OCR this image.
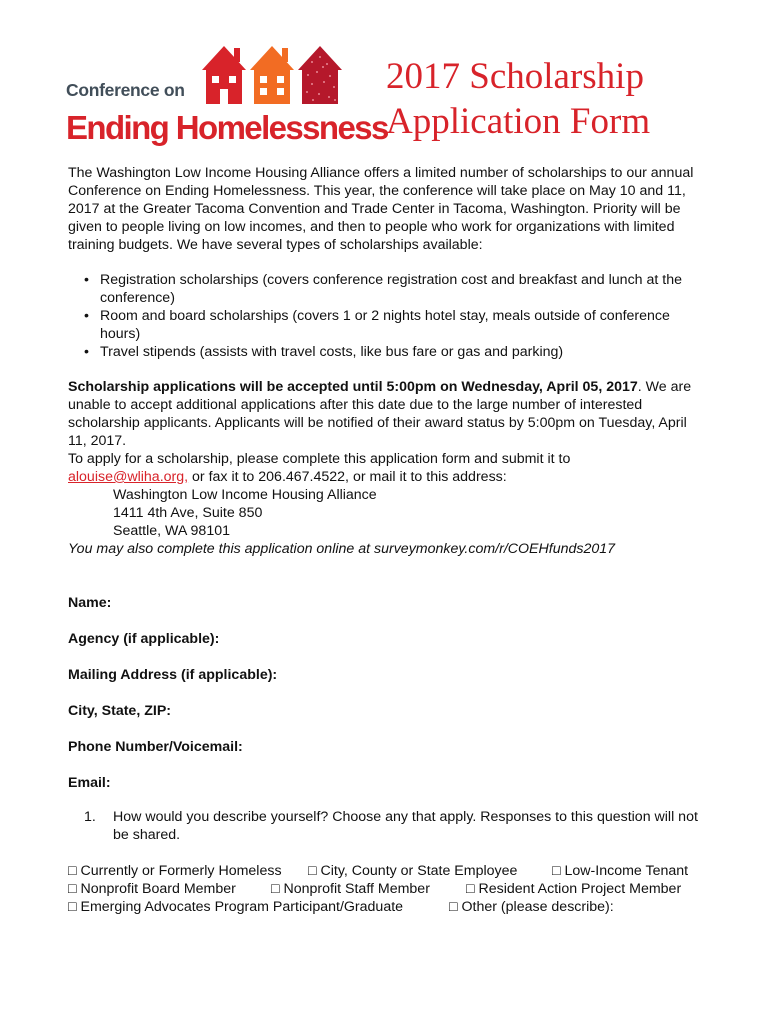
Conference on
Ending Homelessness
2017 Scholarship
Application Form

The Washington Low Income Housing Alliance offers a limited number of scholarships to our annual Conference on Ending Homelessness. This year, the conference will take place on May 10 and 11, 2017 at the Greater Tacoma Convention and Trade Center in Tacoma, Washington. Priority will be given to people living on low incomes, and then to people who work for organizations with limited training budgets. We have several types of scholarships available:

• Registration scholarships (covers conference registration cost and breakfast and lunch at the conference)
• Room and board scholarships (covers 1 or 2 nights hotel stay, meals outside of conference hours)
• Travel stipends (assists with travel costs, like bus fare or gas and parking)
Scholarship applications will be accepted until 5:00pm on Wednesday, April 05, 2017. We are unable to accept additional applications after this date due to the large number of interested scholarship applicants. Applicants will be notified of their award status by 5:00pm on Tuesday, April 11, 2017.
To apply for a scholarship, please complete this application form and submit it to
alouise@wliha.org, or fax it to 206.467.4522, or mail it to this address:
Washington Low Income Housing Alliance
1411 4th Ave, Suite 850
Seattle, WA 98101
You may also complete this application online at surveymonkey.com/r/COEHfunds2017
Name:
Agency (if applicable):
Mailing Address (if applicable):
City, State, ZIP:
Phone Number/Voicemail:
Email:
1.	How would you describe yourself? Choose any that apply. Responses to this question will not be shared.
□ Currently or Formerly Homeless □ City, County or State Employee □ Low-Income Tenant
□ Nonprofit Board Member □ Nonprofit Staff Member	□ Resident Action Project Member
□ Emerging Advocates Program Participant/Graduate	□ Other (please describe):
